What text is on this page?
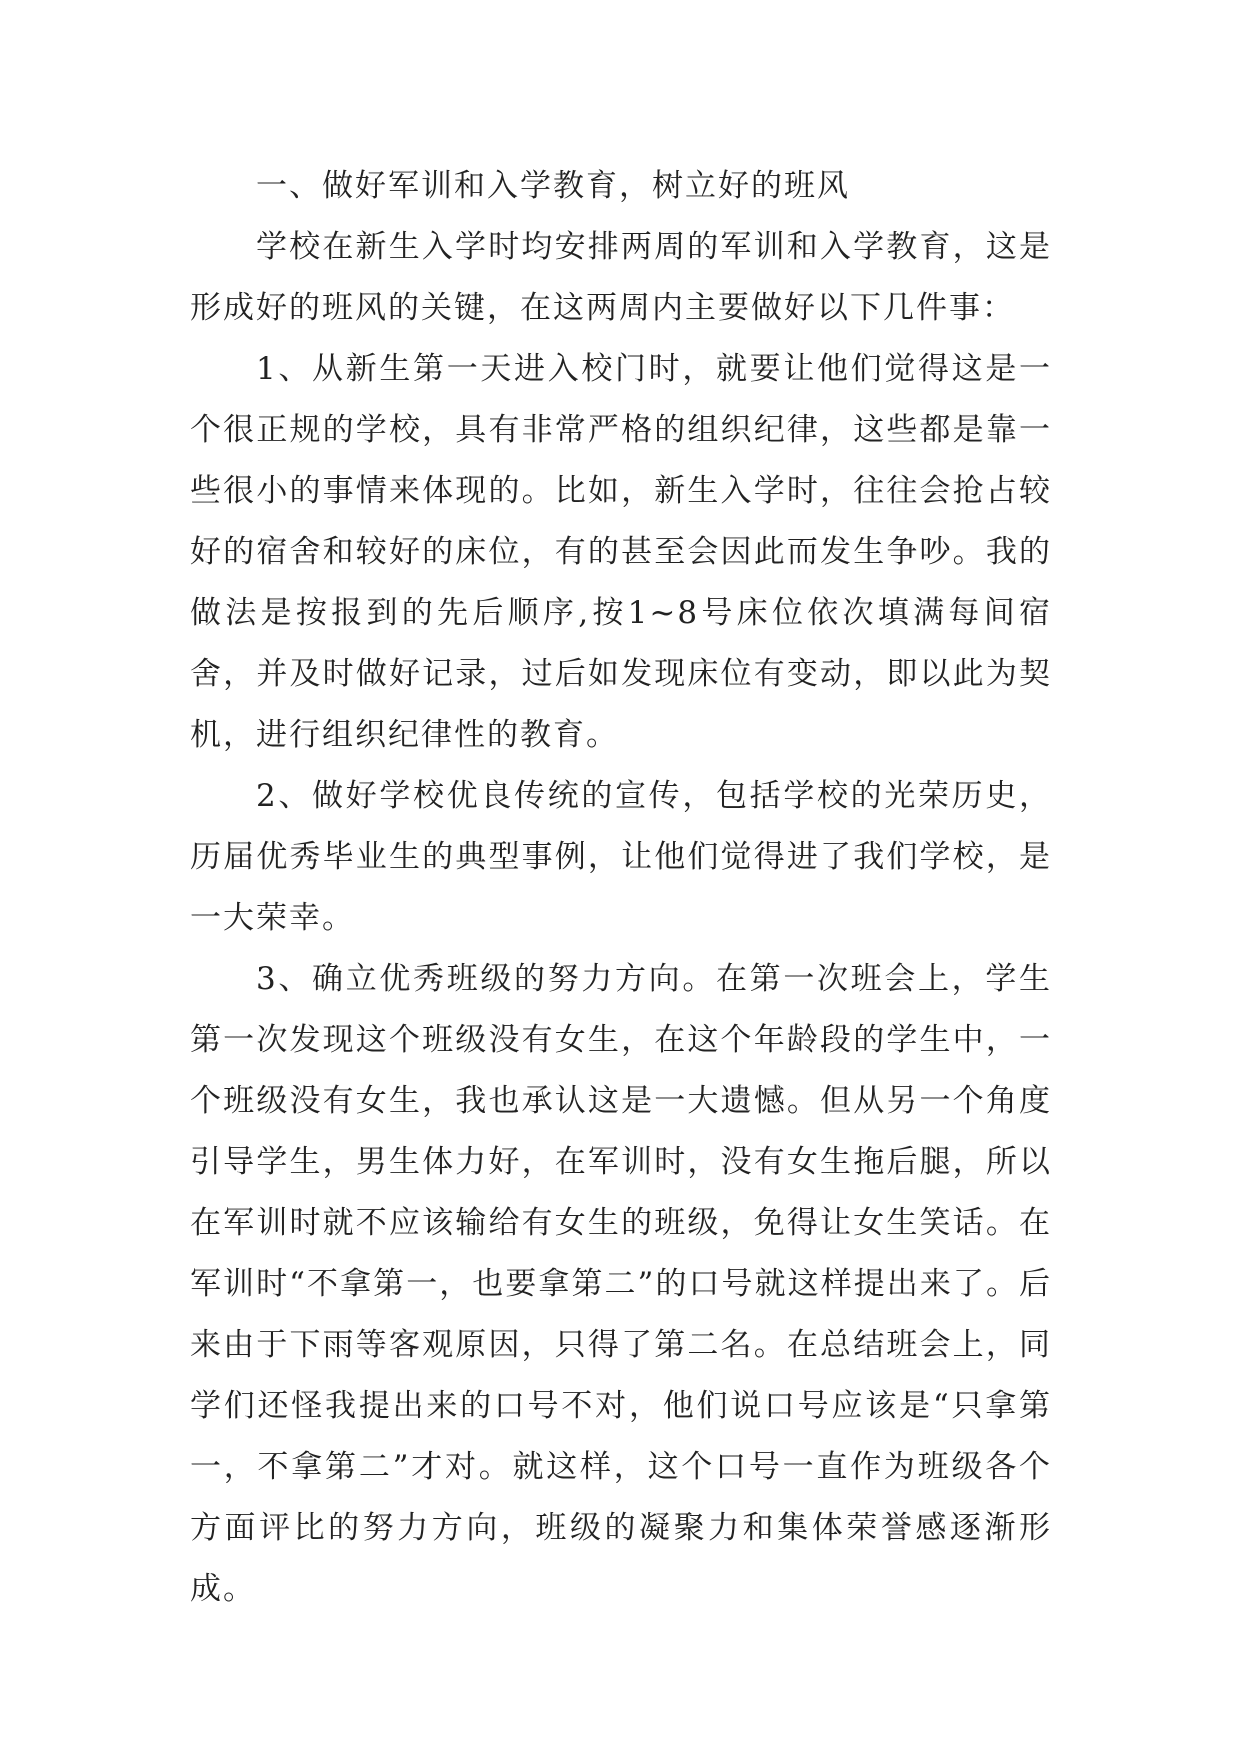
一、做好军训和入学教育，树立好的班风

学校在新生入学时均安排两周的军训和入学教育，这是形成好的班风的关键，在这两周内主要做好以下几件事：

1、从新生第一天进入校门时，就要让他们觉得这是一个很正规的学校，具有非常严格的组织纪律，这些都是靠一些很小的事情来体现的。比如，新生入学时，往往会抢占较好的宿舍和较好的床位，有的甚至会因此而发生争吵。我的做法是按报到的先后顺序,按1~8号床位依次填满每间宿舍，并及时做好记录，过后如发现床位有变动，即以此为契机，进行组织纪律性的教育。

2、做好学校优良传统的宣传，包括学校的光荣历史，历届优秀毕业生的典型事例，让他们觉得进了我们学校，是一大荣幸。

3、确立优秀班级的努力方向。在第一次班会上，学生第一次发现这个班级没有女生，在这个年龄段的学生中，一个班级没有女生，我也承认这是一大遗憾。但从另一个角度引导学生，男生体力好，在军训时，没有女生拖后腿，所以在军训时就不应该输给有女生的班级，免得让女生笑话。在军训时“不拿第一，也要拿第二”的口号就这样提出来了。后来由于下雨等客观原因，只得了第二名。在总结班会上，同学们还怪我提出来的口号不对，他们说口号应该是“只拿第一，不拿第二”才对。就这样，这个口号一直作为班级各个方面评比的努力方向，班级的凝聚力和集体荣誉感逐渐形成。
